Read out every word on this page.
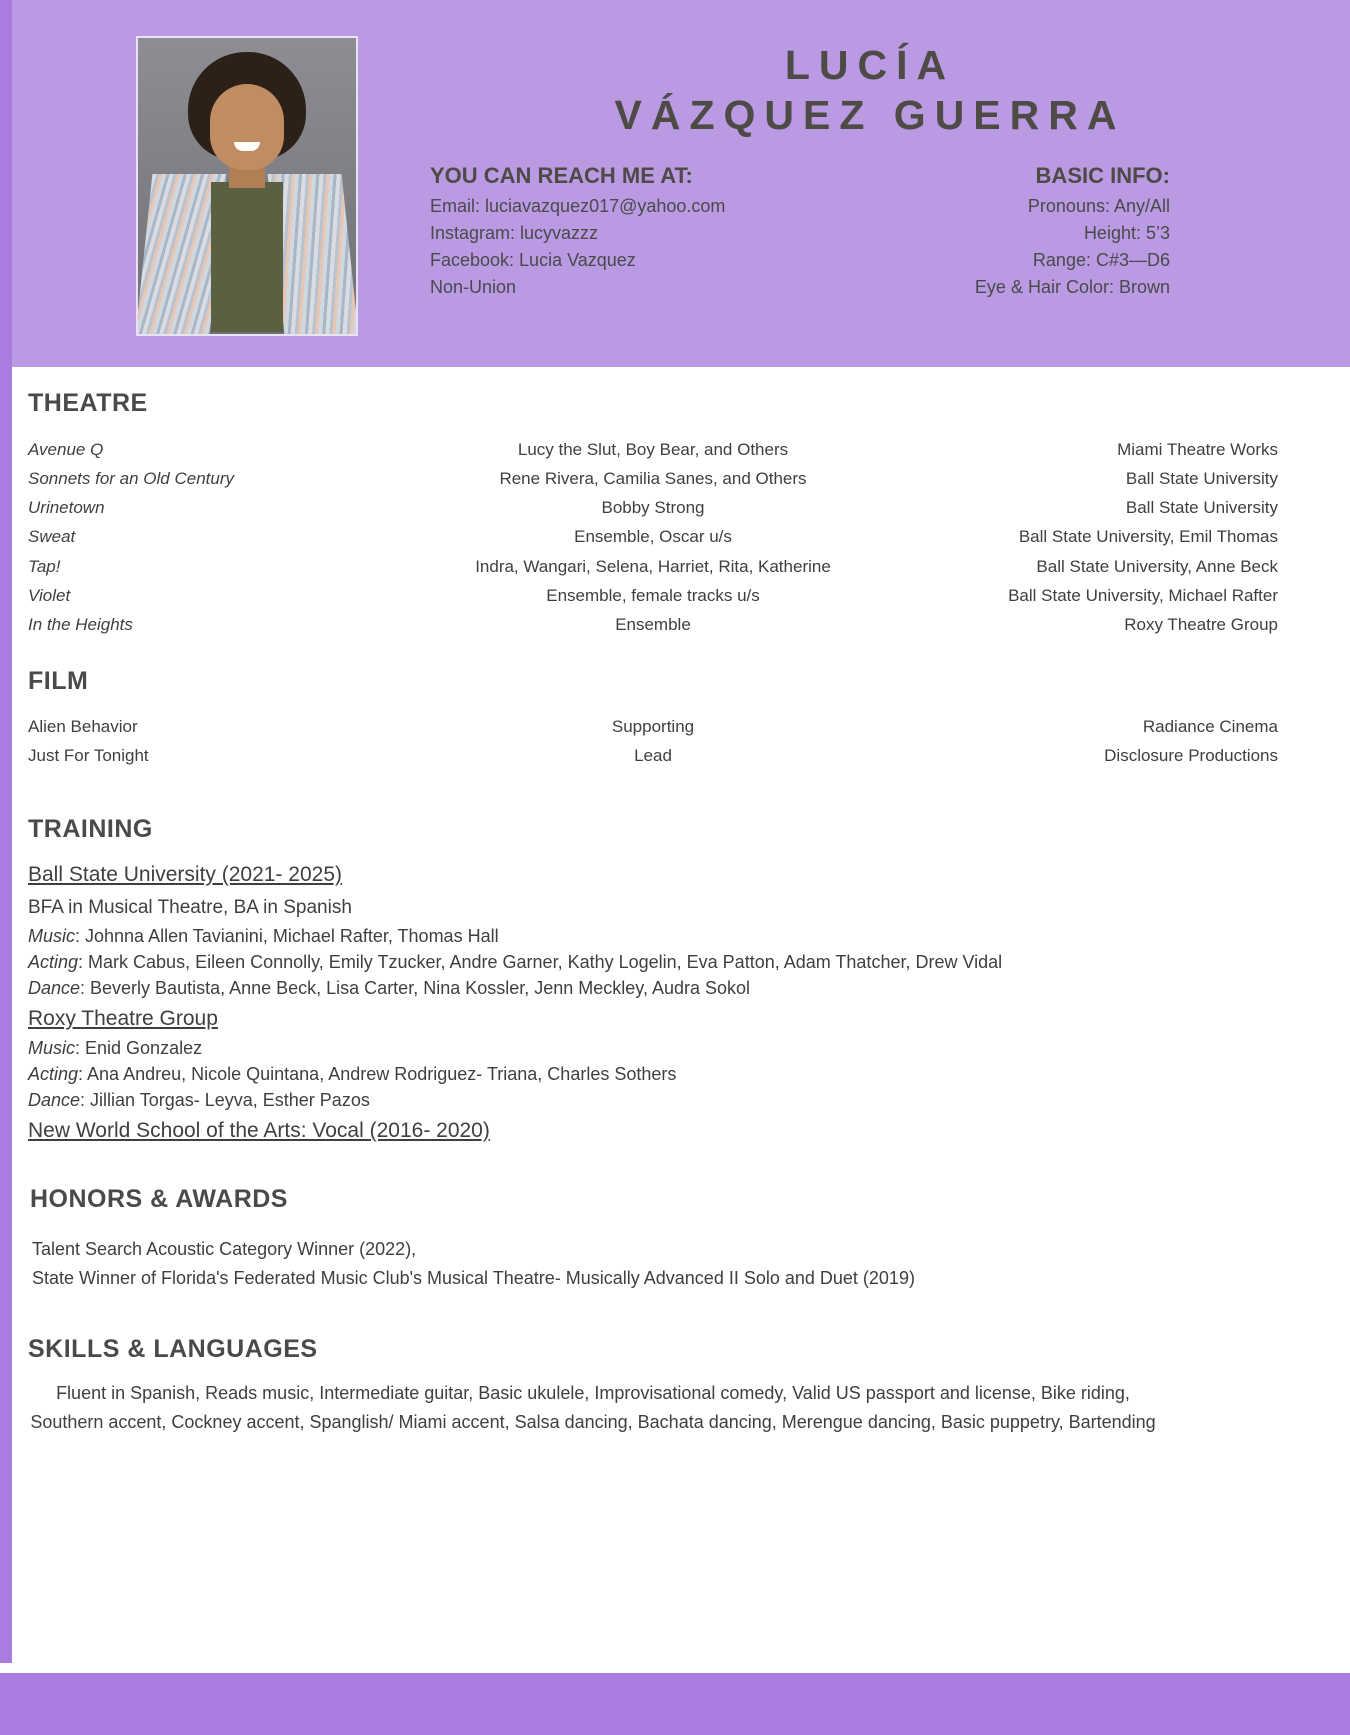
LUCÍA
VÁZQUEZ GUERRA
YOU CAN REACH ME AT:
Email: luciavazquez017@yahoo.com
Instagram: lucyvazzz
Facebook: Lucia Vazquez
Non-Union
BASIC INFO:
Pronouns: Any/All
Height: 5’3
Range: C#3—D6
Eye & Hair Color: Brown
THEATRE
Avenue Q	Lucy the Slut, Boy Bear, and Others	Miami Theatre Works
Sonnets for an Old Century	Rene Rivera, Camilia Sanes, and Others	Ball State University
Urinetown	Bobby Strong	Ball State University
Sweat	Ensemble, Oscar u/s	Ball State University, Emil Thomas
Tap!	Indra, Wangari, Selena, Harriet, Rita, Katherine	Ball State University, Anne Beck
Violet	Ensemble, female tracks u/s	Ball State University, Michael Rafter
In the Heights	Ensemble	Roxy Theatre Group
FILM
Alien Behavior	Supporting	Radiance Cinema
Just For Tonight	Lead	Disclosure Productions
TRAINING
Ball State University (2021- 2025)
BFA in Musical Theatre, BA in Spanish
Music: Johnna Allen Tavianini, Michael Rafter, Thomas Hall
Acting: Mark Cabus, Eileen Connolly, Emily Tzucker, Andre Garner, Kathy Logelin, Eva Patton, Adam Thatcher, Drew Vidal
Dance: Beverly Bautista, Anne Beck, Lisa Carter, Nina Kossler, Jenn Meckley, Audra Sokol
Roxy Theatre Group
Music: Enid Gonzalez
Acting: Ana Andreu, Nicole Quintana, Andrew Rodriguez- Triana, Charles Sothers
Dance: Jillian Torgas- Leyva, Esther Pazos
New World School of the Arts: Vocal (2016- 2020)
HONORS & AWARDS
Talent Search Acoustic Category Winner (2022),
State Winner of Florida's Federated Music Club's Musical Theatre- Musically Advanced II Solo and Duet (2019)
SKILLS & LANGUAGES
Fluent in Spanish, Reads music, Intermediate guitar, Basic ukulele, Improvisational comedy, Valid US passport and license, Bike riding,
Southern accent, Cockney accent, Spanglish/ Miami accent, Salsa dancing, Bachata dancing, Merengue dancing, Basic puppetry, Bartending
